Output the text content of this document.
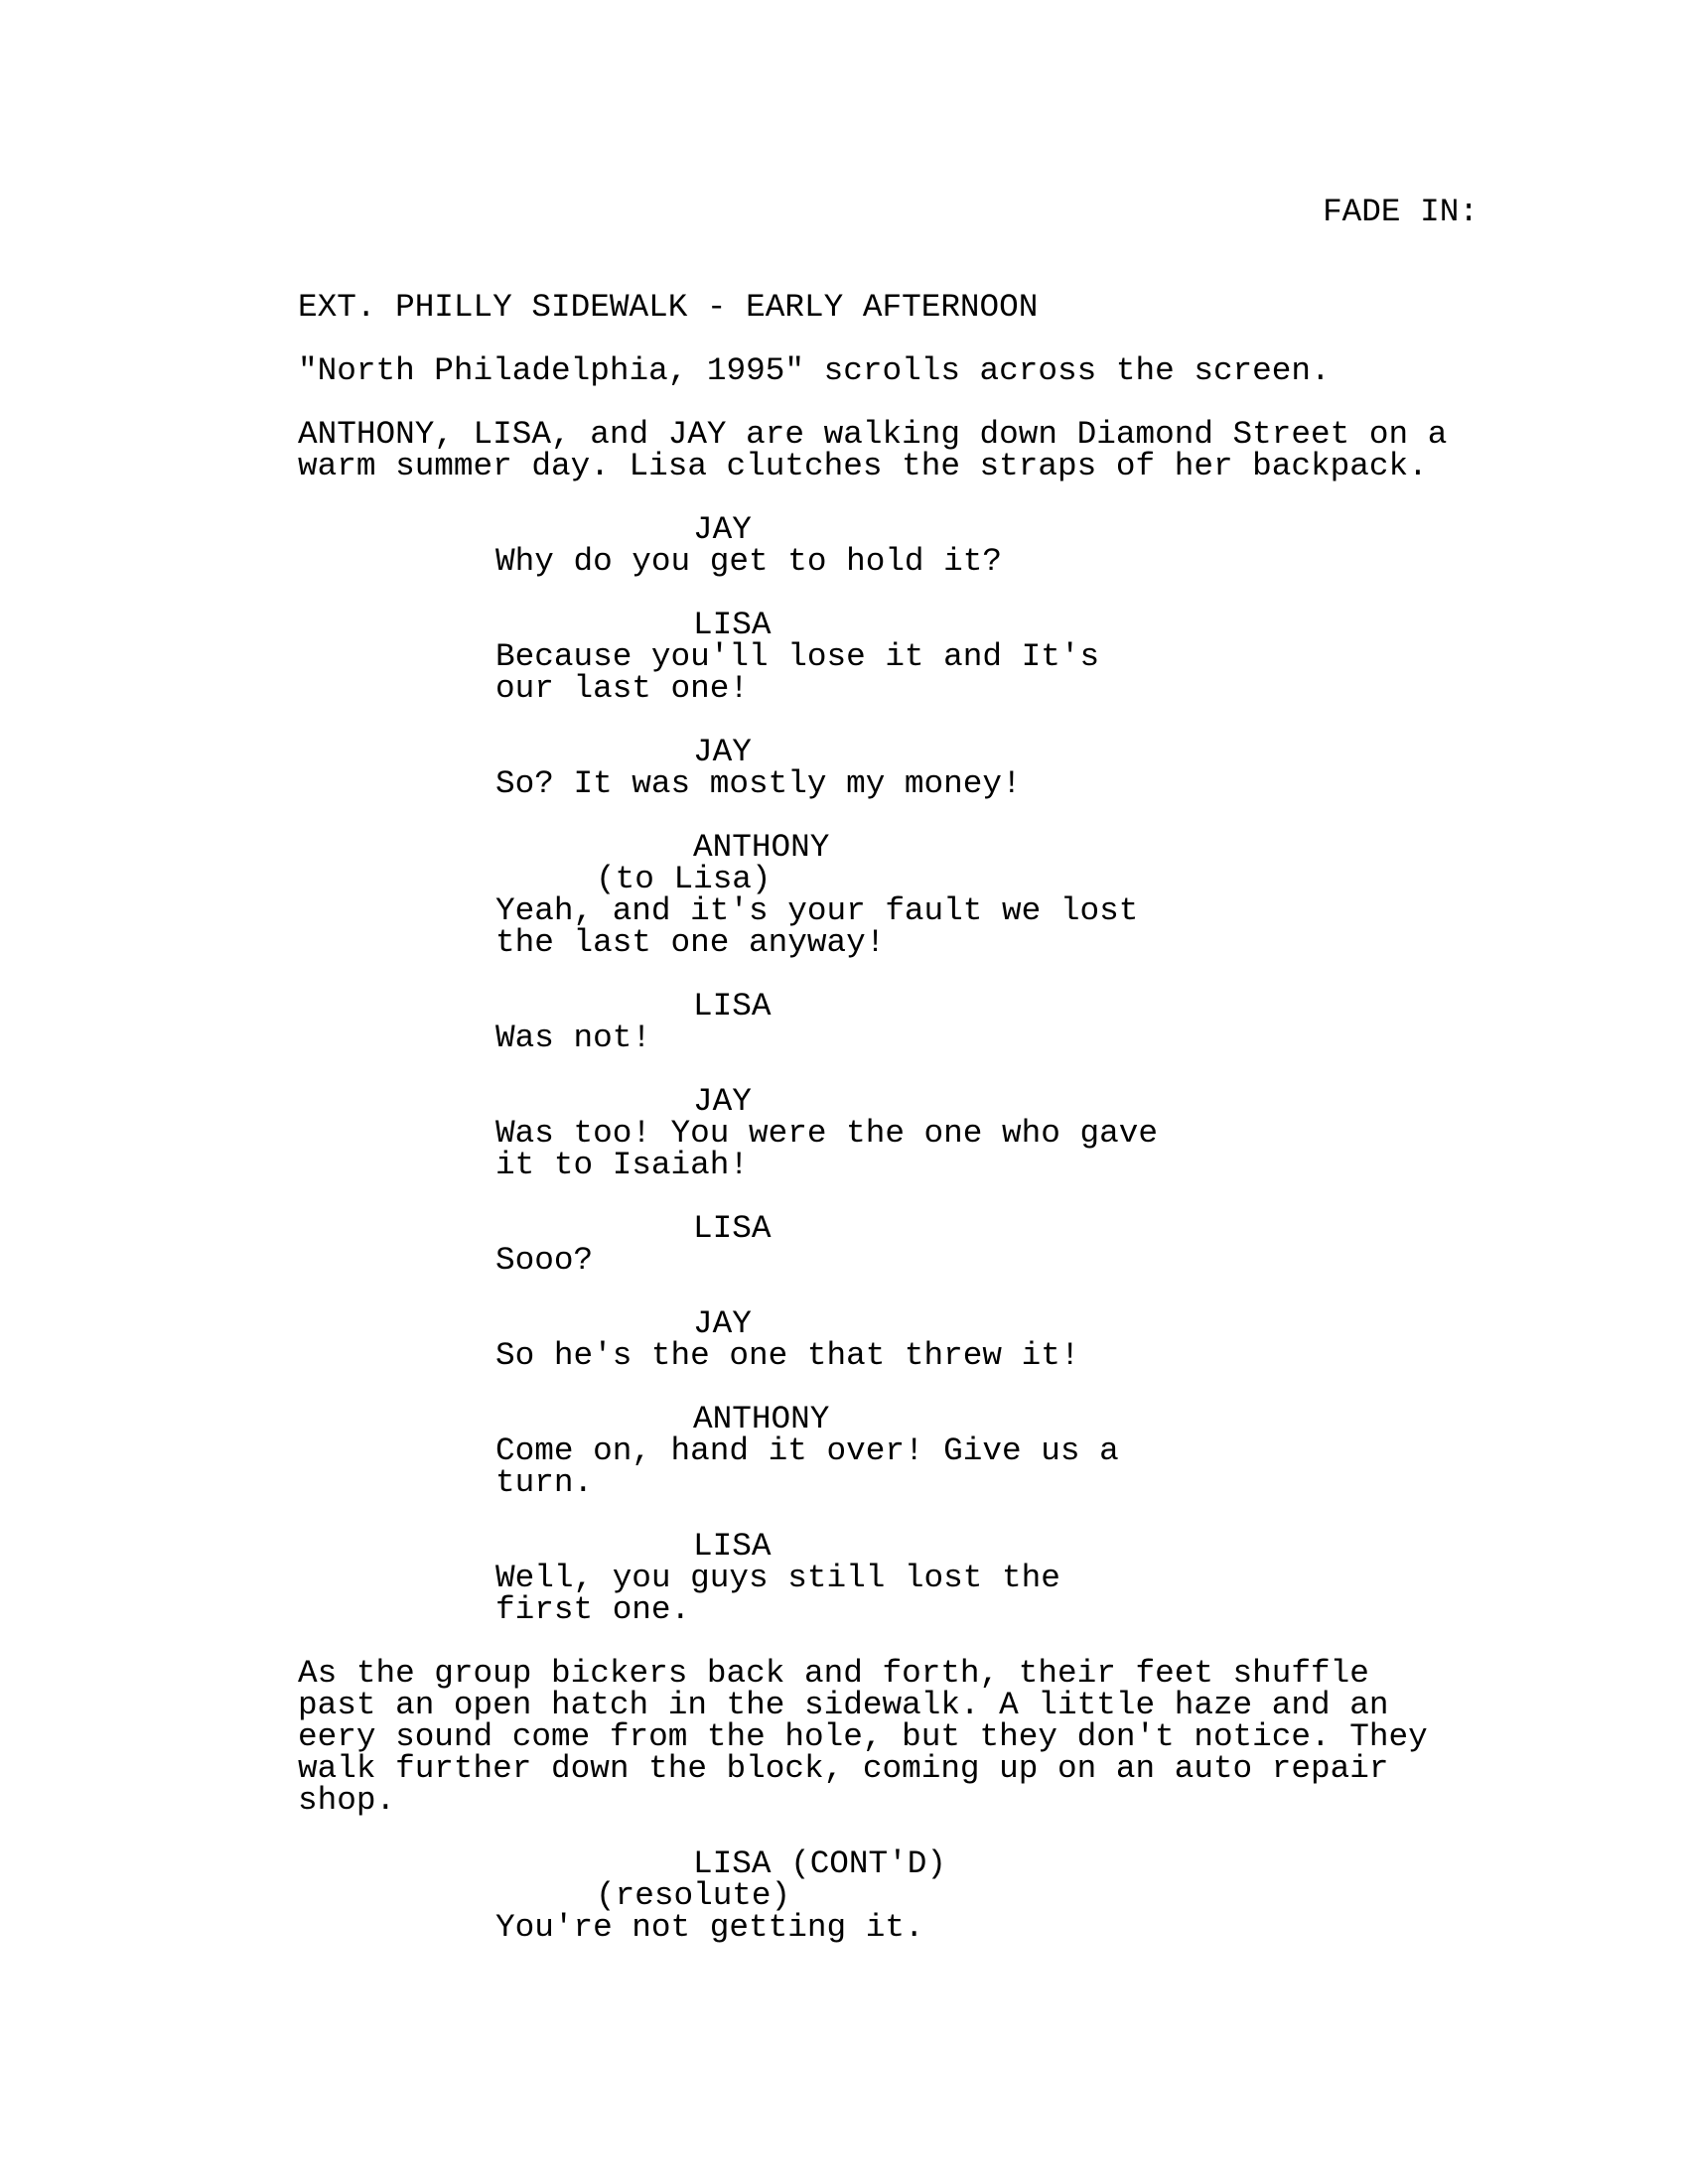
FADE IN:
EXT. PHILLY SIDEWALK - EARLY AFTERNOON
"North Philadelphia, 1995" scrolls across the screen.
ANTHONY, LISA, and JAY are walking down Diamond Street on a
warm summer day. Lisa clutches the straps of her backpack.
JAY
Why do you get to hold it?
LISA
Because you'll lose it and It's
our last one!
JAY
So? It was mostly my money!
ANTHONY
(to Lisa)
Yeah, and it's your fault we lost
the last one anyway!
LISA
Was not!
JAY
Was too! You were the one who gave
it to Isaiah!
LISA
Sooo?
JAY
So he's the one that threw it!
ANTHONY
Come on, hand it over! Give us a
turn.
LISA
Well, you guys still lost the
first one.
As the group bickers back and forth, their feet shuffle
past an open hatch in the sidewalk. A little haze and an
eery sound come from the hole, but they don't notice. They
walk further down the block, coming up on an auto repair
shop.
LISA (CONT'D)
(resolute)
You're not getting it.
